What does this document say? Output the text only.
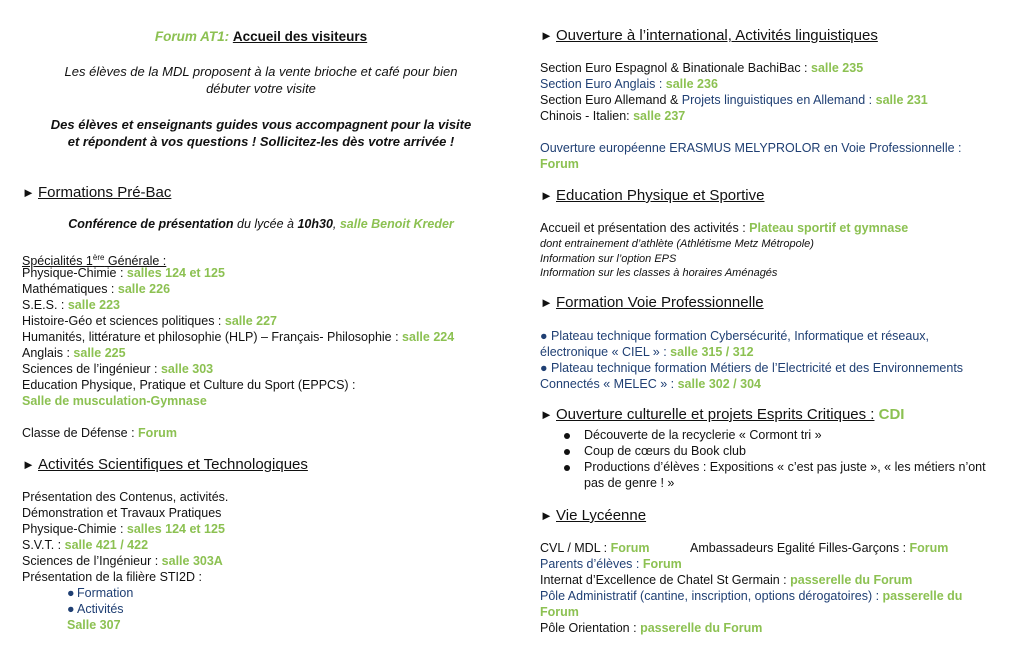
Forum AT1: Accueil des visiteurs
Les élèves de la MDL proposent à la vente brioche et café pour bien
débuter votre visite
Des élèves et enseignants guides vous accompagnent pour la visite
et répondent à vos questions ! Sollicitez-les dès votre arrivée !
► Formations Pré-Bac
Conférence de présentation du lycée à 10h30, salle Benoit Kreder
Spécialités 1ère Générale :
Physique-Chimie : salles 124 et 125
Mathématiques : salle 226
S.E.S. : salle 223
Histoire-Géo et sciences politiques : salle 227
Humanités, littérature et philosophie (HLP) – Français- Philosophie : salle 224
Anglais : salle 225
Sciences de l’ingénieur : salle 303
Education Physique, Pratique et Culture du Sport (EPPCS) :
Salle de musculation-Gymnase
Classe de Défense : Forum
► Activités Scientifiques et Technologiques
Présentation des Contenus, activités.
Démonstration et Travaux Pratiques
Physique-Chimie : salles 124 et 125
S.V.T. : salle 421 / 422
Sciences de l’Ingénieur : salle 303A
Présentation de la filière STI2D :
● Formation
● Activités
Salle 307
► Ouverture à l’international, Activités linguistiques
Section Euro Espagnol & Binationale BachiBac : salle 235
Section Euro Anglais : salle 236
Section Euro Allemand & Projets linguistiques en Allemand : salle 231
Chinois - Italien: salle 237
Ouverture européenne ERASMUS MELYPROLOR en Voie Professionnelle :
Forum
► Education Physique et Sportive
Accueil et présentation des activités : Plateau sportif et gymnase
dont entrainement d’athlète (Athlétisme Metz Métropole)
Information sur l’option EPS
Information sur les classes à horaires Aménagés
► Formation Voie Professionnelle
● Plateau technique formation Cybersécurité, Informatique et réseaux,
électronique « CIEL » : salle 315 / 312
● Plateau technique formation Métiers de l’Electricité et des Environnements
Connectés « MELEC » : salle 302 / 304
► Ouverture culturelle et projets Esprits Critiques : CDI
Découverte de la recyclerie « Cormont tri »
Coup de cœurs du Book club
Productions d’élèves : Expositions « c’est pas juste », « les métiers n’ont
pas de genre ! »
► Vie Lycéenne
CVL / MDL : Forum	Ambassadeurs Egalité Filles-Garçons : Forum
Parents d’élèves : Forum
Internat d’Excellence de Chatel St Germain : passerelle du Forum
Pôle Administratif (cantine, inscription, options dérogatoires) : passerelle du
Forum
Pôle Orientation : passerelle du Forum
